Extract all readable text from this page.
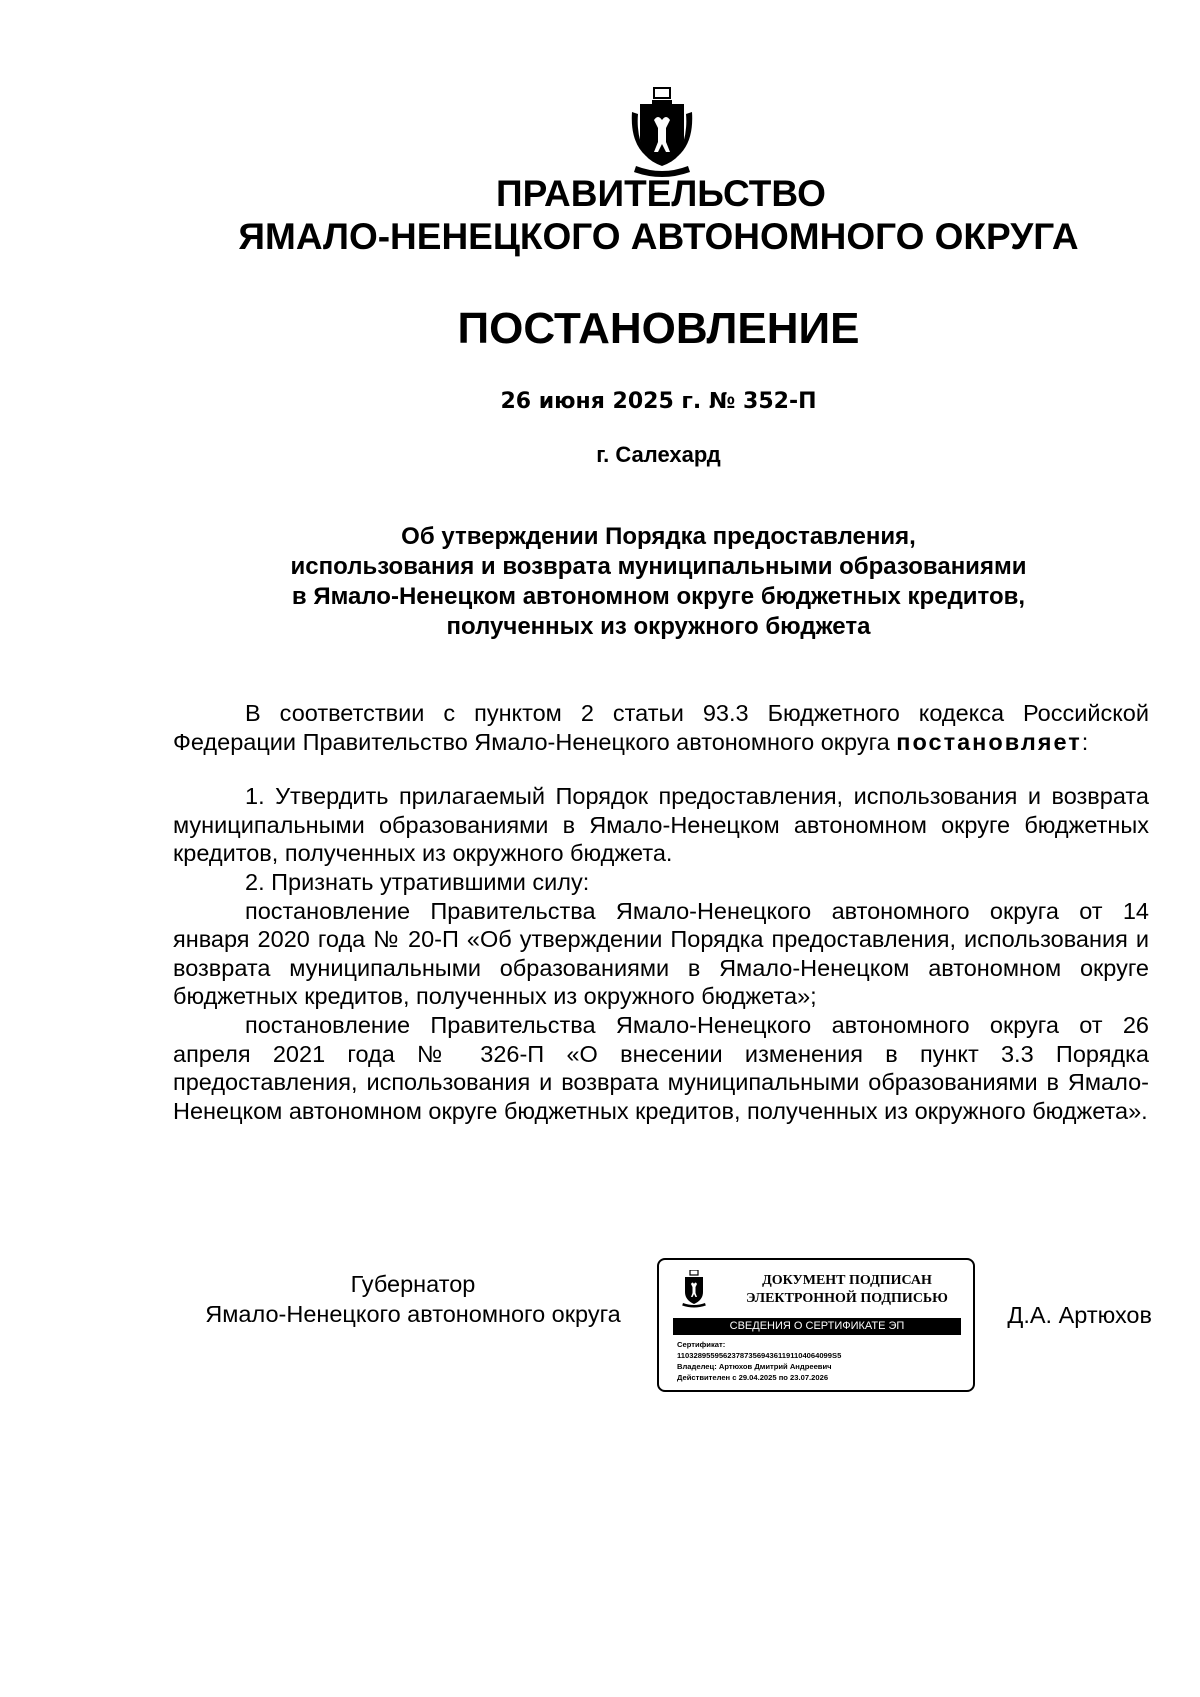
ПРАВИТЕЛЬСТВО
ЯМАЛО-НЕНЕЦКОГО АВТОНОМНОГО ОКРУГА
ПОСТАНОВЛЕНИЕ
26 июня 2025 г. № 352-П
г. Салехард
Об утверждении Порядка предоставления,
использования и возврата муниципальными образованиями
в Ямало-Ненецком автономном округе бюджетных кредитов,
полученных из окружного бюджета

В соответствии с пунктом 2 статьи 93.3 Бюджетного кодекса Российской Федерации Правительство Ямало-Ненецкого автономного округа постановляет:

1. Утвердить прилагаемый Порядок предоставления, использования и возврата муниципальными образованиями в Ямало-Ненецком автономном округе бюджетных кредитов, полученных из окружного бюджета.

2. Признать утратившими силу:

постановление Правительства Ямало-Ненецкого автономного округа от 14 января 2020 года № 20-П «Об утверждении Порядка предоставления, использования и возврата муниципальными образованиями в Ямало-Ненецком автономном округе бюджетных кредитов, полученных из окружного бюджета»;

постановление Правительства Ямало-Ненецкого автономного округа от 26 апреля 2021 года № 326-П «О внесении изменения в пункт 3.3 Порядка предоставления, использования и возврата муниципальными образованиями в Ямало-Ненецком автономном округе бюджетных кредитов, полученных из окружного бюджета».

Губернатор
Ямало-Ненецкого автономного округа
ДОКУМЕНТ ПОДПИСАН
ЭЛЕКТРОННОЙ ПОДПИСЬЮ
СВЕДЕНИЯ О СЕРТИФИКАТЕ ЭП
Сертификат:
1103289559562378735694361191104064099S5
Владелец: Артюхов Дмитрий Андреевич
Действителен с 29.04.2025 по 23.07.2026
Д.А. Артюхов
